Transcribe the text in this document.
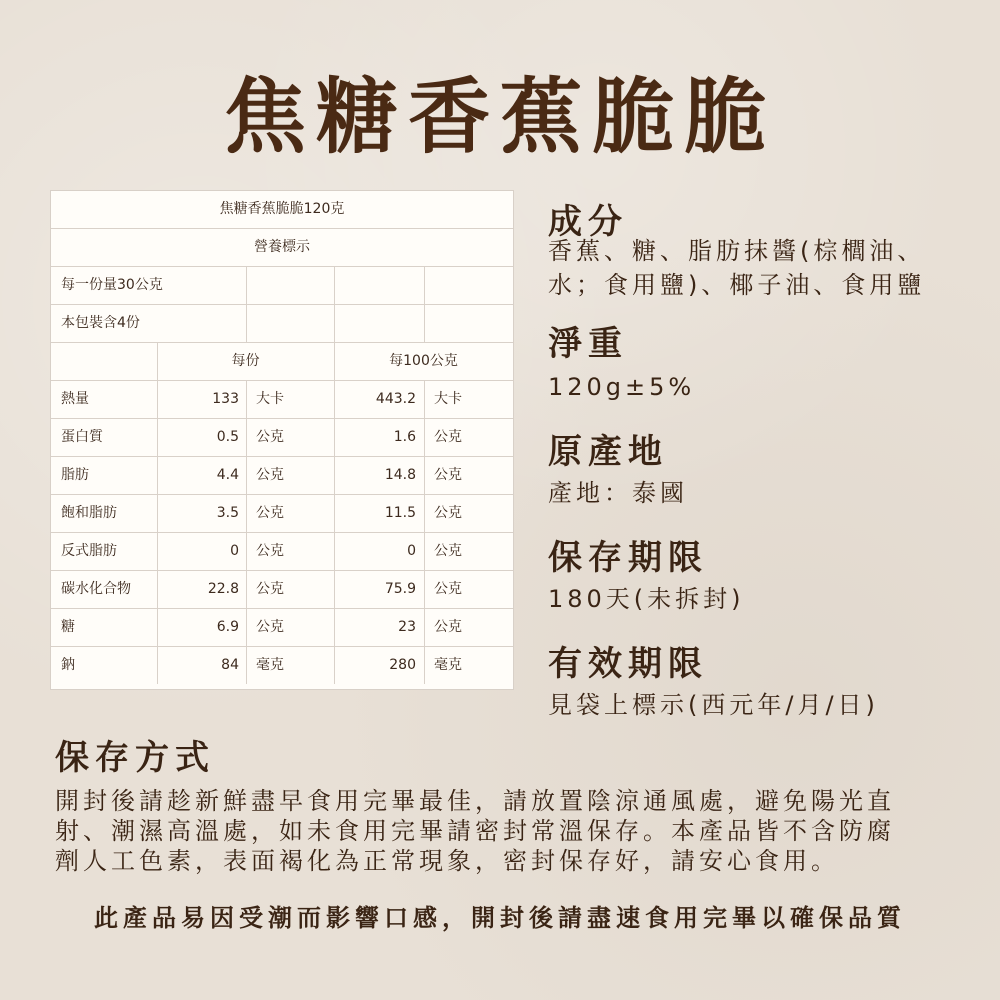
焦糖香蕉脆脆
焦糖香蕉脆脆120克
營養標示
每一份量30公克
本包裝含4份
每份	每100公克
熱量	133 大卡	443.2 大卡
蛋白質	0.5 公克	1.6 公克
脂肪	4.4 公克	14.8 公克
飽和脂肪	3.5 公克	11.5 公克
反式脂肪	0 公克	0 公克
碳水化合物	22.8 公克	75.9 公克
糖	6.9 公克	23 公克
鈉	84 毫克	280 毫克
成分
香蕉、糖、脂肪抹醬(棕櫚油、
水；食用鹽)、椰子油、食用鹽
淨重
120g±5%
原產地
產地：泰國
保存期限
180天(未拆封)
有效期限
見袋上標示(西元年/月/日)
保存方式
開封後請趁新鮮盡早食用完畢最佳，請放置陰涼通風處，避免陽光直
射、潮濕高溫處，如未食用完畢請密封常溫保存。本產品皆不含防腐
劑人工色素，表面褐化為正常現象，密封保存好，請安心食用。
此產品易因受潮而影響口感，開封後請盡速食用完畢以確保品質
